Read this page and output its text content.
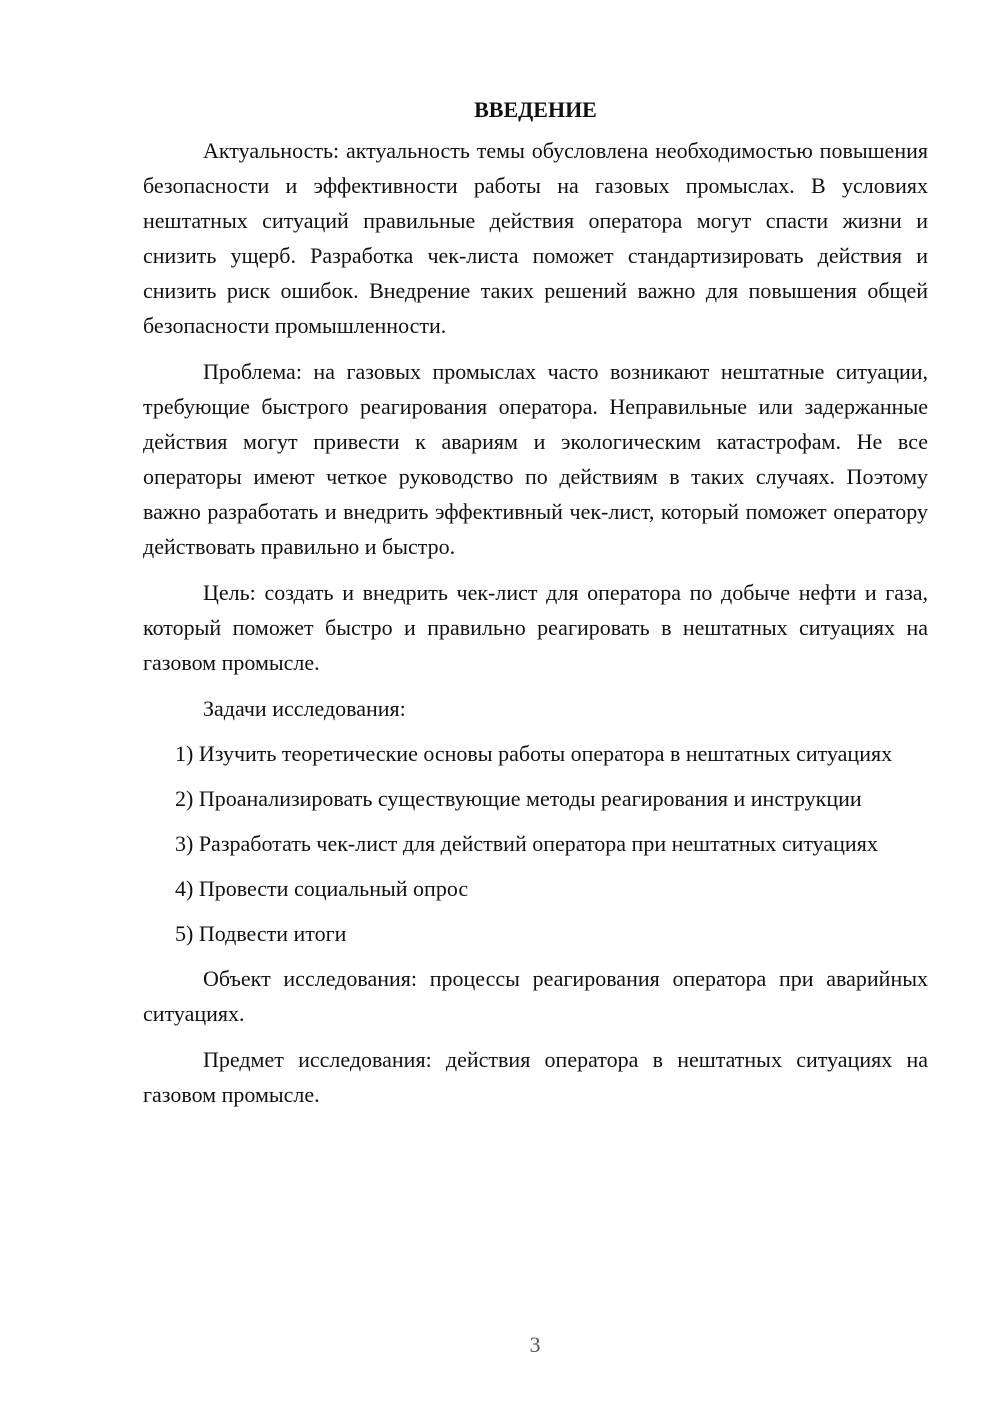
ВВЕДЕНИЕ

Актуальность: актуальность темы обусловлена необходимостью повышения безопасности и эффективности работы на газовых промыслах. В условиях нештатных ситуаций правильные действия оператора могут спасти жизни и снизить ущерб. Разработка чек-листа поможет стандартизировать действия и снизить риск ошибок. Внедрение таких решений важно для повышения общей безопасности промышленности.

Проблема: на газовых промыслах часто возникают нештатные ситуации, требующие быстрого реагирования оператора. Неправильные или задержанные действия могут привести к авариям и экологическим катастрофам. Не все операторы имеют четкое руководство по действиям в таких случаях. Поэтому важно разработать и внедрить эффективный чек-лист, который поможет оператору действовать правильно и быстро.

Цель: создать и внедрить чек-лист для оператора по добыче нефти и газа, который поможет быстро и правильно реагировать в нештатных ситуациях на газовом промысле.

Задачи исследования:

1) Изучить теоретические основы работы оператора в нештатных ситуациях

2) Проанализировать существующие методы реагирования и инструкции

3) Разработать чек-лист для действий оператора при нештатных ситуациях

4) Провести социальный опрос

5) Подвести итоги

Объект исследования: процессы реагирования оператора при аварийных ситуациях.

Предмет исследования: действия оператора в нештатных ситуациях на газовом промысле.

3
